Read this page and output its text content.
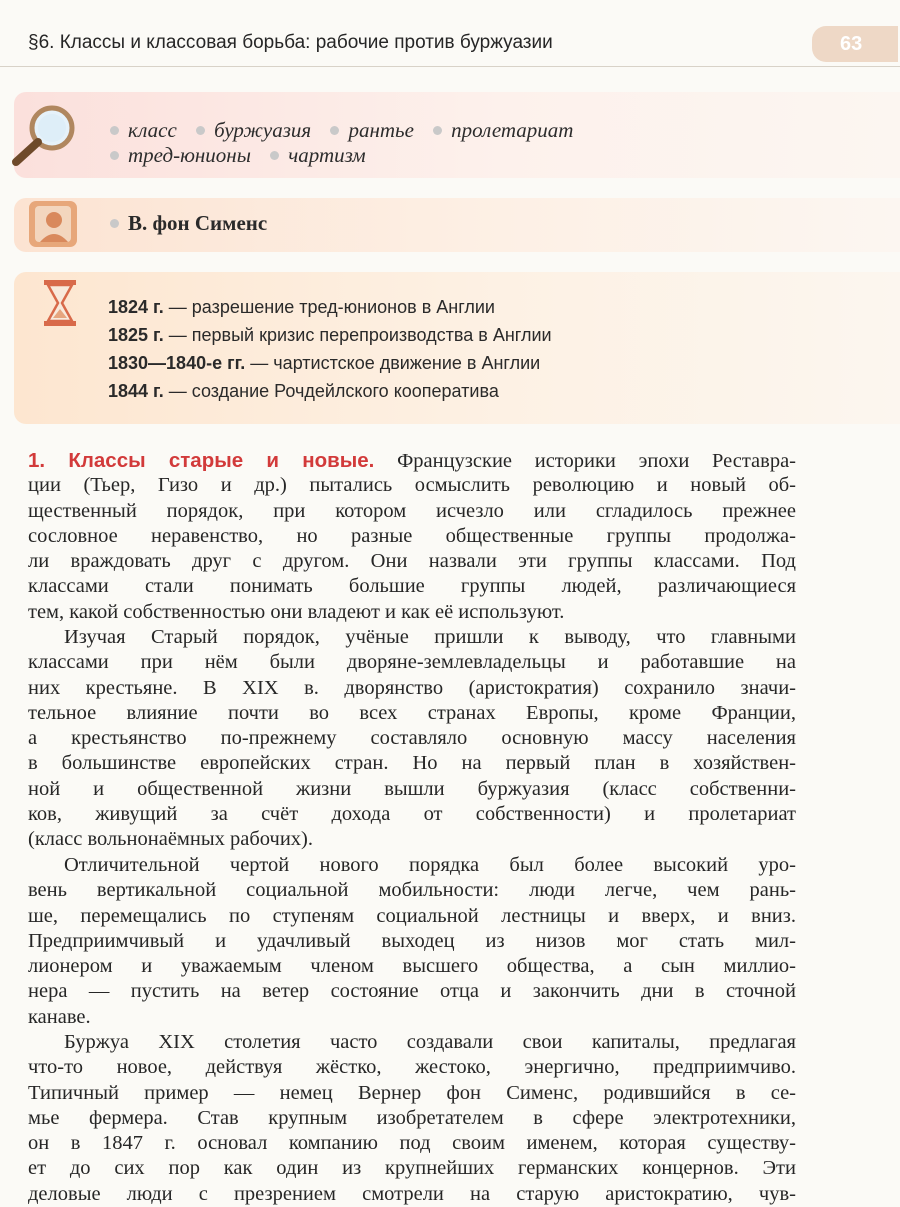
§6. Классы и классовая борьба: рабочие против буржуазии	63
класс буржуазия рантье пролетариат
тред-юнионы чартизм
В. фон Сименс
1824 г. — разрешение тред-юнионов в Англии
1825 г. — первый кризис перепроизводства в Англии
1830—1840-е гг. — чартистское движение в Англии
1844 г. — создание Рочдейлского кооператива
1. Классы старые и новые. Французские историки эпохи Реставра-
ции (Тьер, Гизо и др.) пытались осмыслить революцию и новый об-
щественный порядок, при котором исчезло или сгладилось прежнее
сословное неравенство, но разные общественные группы продолжа-
ли враждовать друг с другом. Они назвали эти группы классами. Под
классами стали понимать большие группы людей, различающиеся
тем, какой собственностью они владеют и как её используют.
Изучая Старый порядок, учёные пришли к выводу, что главными
классами при нём были дворяне-землевладельцы и работавшие на
них крестьяне. В XIX в. дворянство (аристократия) сохранило значи-
тельное влияние почти во всех странах Европы, кроме Франции,
а крестьянство по-прежнему составляло основную массу населения
в большинстве европейских стран. Но на первый план в хозяйствен-
ной и общественной жизни вышли буржуазия (класс собственни-
ков, живущий за счёт дохода от собственности) и пролетариат
(класс вольнонаёмных рабочих).
Отличительной чертой нового порядка был более высокий уро-
вень вертикальной социальной мобильности: люди легче, чем рань-
ше, перемещались по ступеням социальной лестницы и вверх, и вниз.
Предприимчивый и удачливый выходец из низов мог стать мил-
лионером и уважаемым членом высшего общества, а сын миллио-
нера — пустить на ветер состояние отца и закончить дни в сточной
канаве.
Буржуа XIX столетия часто создавали свои капиталы, предлагая
что-то новое, действуя жёстко, жестоко, энергично, предприимчиво.
Типичный пример — немец Вернер фон Сименс, родившийся в се-
мье фермера. Став крупным изобретателем в сфере электротехники,
он в 1847 г. основал компанию под своим именем, которая существу-
ет до сих пор как один из крупнейших германских концернов. Эти
деловые люди с презрением смотрели на старую аристократию, чув-
